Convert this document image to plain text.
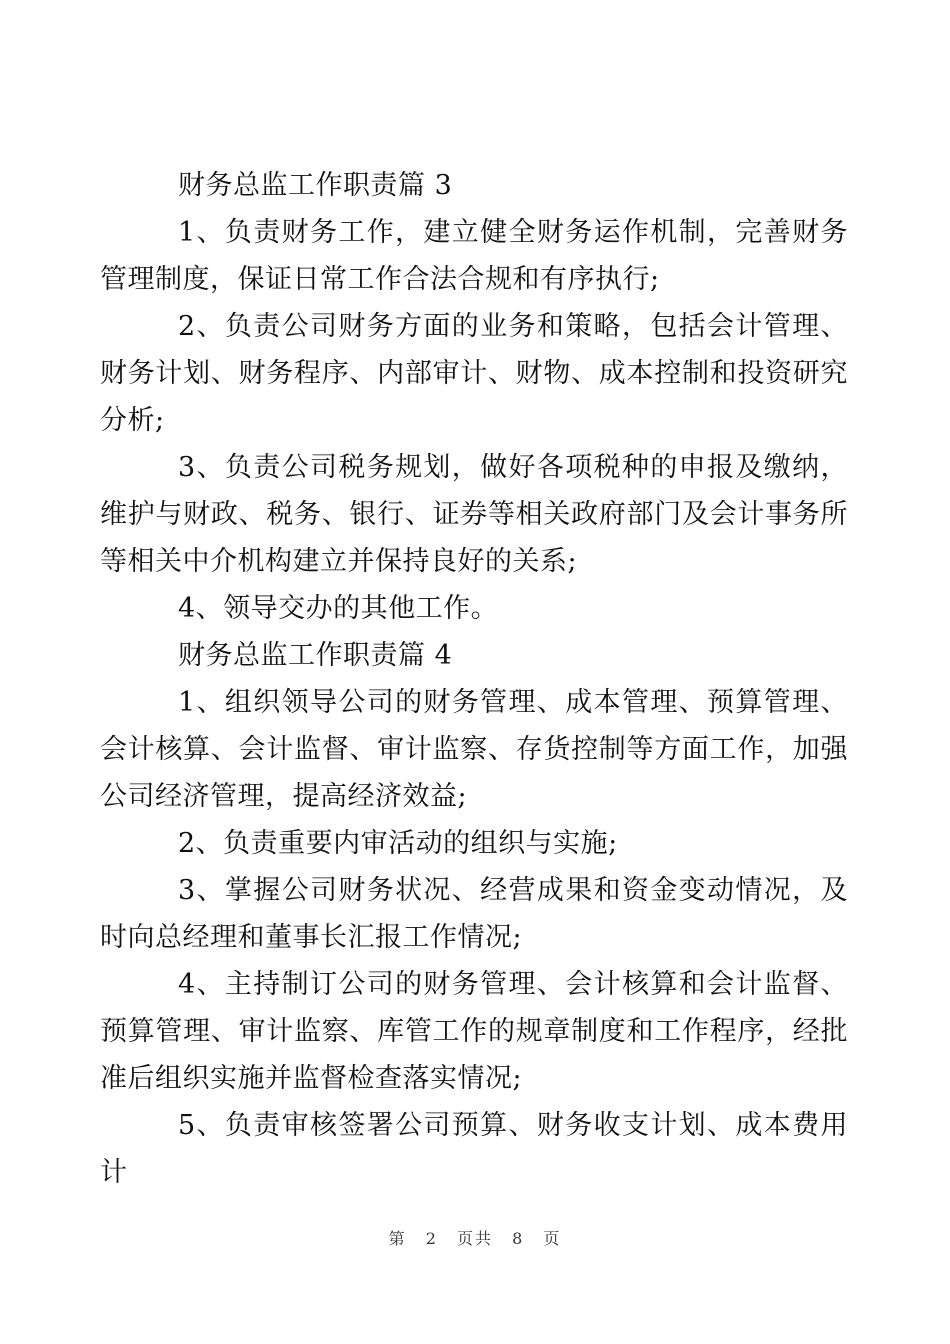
财务总监工作职责篇 3

1、负责财务工作，建立健全财务运作机制，完善财务管理制度，保证日常工作合法合规和有序执行;

2、负责公司财务方面的业务和策略，包括会计管理、财务计划、财务程序、内部审计、财物、成本控制和投资研究分析;

3、负责公司税务规划，做好各项税种的申报及缴纳，维护与财政、税务、银行、证券等相关政府部门及会计事务所等相关中介机构建立并保持良好的关系;

4、领导交办的其他工作。

财务总监工作职责篇 4

1、组织领导公司的财务管理、成本管理、预算管理、会计核算、会计监督、审计监察、存货控制等方面工作，加强公司经济管理，提高经济效益;

2、负责重要内审活动的组织与实施;

3、掌握公司财务状况、经营成果和资金变动情况，及时向总经理和董事长汇报工作情况;

4、主持制订公司的财务管理、会计核算和会计监督、预算管理、审计监察、库管工作的规章制度和工作程序，经批准后组织实施并监督检查落实情况;

5、负责审核签署公司预算、财务收支计划、成本费用计

第 2 页共 8 页
